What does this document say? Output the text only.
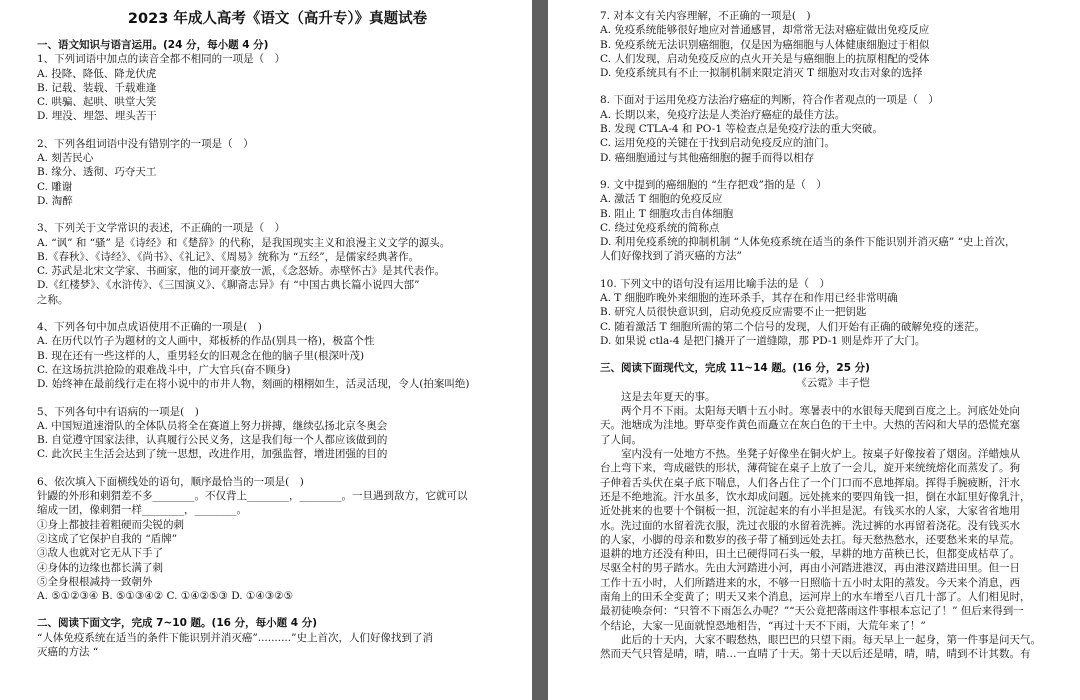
2023 年成人高考《语文（高升专）》真题试卷
一、语文知识与语言运用。(24 分，每小题 4 分)
1、下列词语中加点的读音全都不相同的一项是（　）
A. 投降、降低、降龙伏虎
B. 记载、装载、千载难逢
C. 哄骗、起哄、哄堂大笑
D. 埋没、埋怨、埋头苦干
2、下列各组词语中没有错别字的一项是（　）
A. 刻苦民心
B. 缘分、透彻、巧夺天工
C. 雕谢
D. 淘醉
3、下列关于文学常识的表述，不正确的一项是（　）
A. “讽” 和 “骚” 是《诗经》和《楚辞》的代称，是我国现实主义和浪漫主义文学的源头。
B.《春秋》、《诗经》、《尚书》、《礼记》、《周易》统称为 “五经”，是儒家经典著作。
C. 苏武是北宋文学家、书画家，他的词开豪放一派，《念怒娇。赤壁怀古》是其代表作。
D.《红楼梦》、《水浒传》、《三国演义》、《聊斋志异》有 “中国古典长篇小说四大部”
之称。
4、下列各句中加点成语使用不正确的一项是(　)
A. 在历代以竹子为题材的文人画中，郑板桥的作品(别具一格)，极富个性
B. 现在还有一些这样的人，重男轻女的旧观念在他的脑子里(根深叶茂)
C. 在这场抗洪抢险的艰难战斗中，广大官兵(奋不顾身)
D. 始终神在最前线行走在将小说中的市井人物，刻画的栩栩如生，活灵活现，令人(拍案叫绝)
5、下列各句中有语病的一项是(　)
A. 中国短道速滑队的全体队员将全在赛道上努力拼搏，继续弘扬北京冬奥会
B. 自觉遵守国家法律，认真履行公民义务，这是我们每一个人都应该做到的
C. 此次民主生活会达到了统一思想，改进作用，加强监督，增进团强的目的
6、依次填入下面横线处的语句，顺序最恰当的一项是(　)
针鼹的外形和刺猬差不多________。不仅背上________，________。一旦遇到敌方，它就可以
缩成一团，像刺猬一样________，________。
①身上都披挂着粗硬而尖锐的刺
②这成了它保护自我的 “盾牌”
③敌人也就对它无从下手了
④身体的边缘也都长满了刺
⑤全身根根减持一致朝外
A. ⑤①②③④ B. ⑤①③④② C. ①④②⑤③ D. ①④③②⑤
二、阅读下面文字，完成 7~10 题。(16 分，每小题 4 分)
“人体免疫系统在适当的条件下能识别并消灭癌”..........”史上首次，人们好像找到了消
灭癌的方法 “
7. 对本文有关内容理解，不正确的一项是(　)
A. 免疫系统能够很好地应对普通感冒，却常常无法对癌症做出免疫反应
B. 免疫系统无法识别癌细胞，仅是因为癌细胞与人体健康细胞过于相似
C. 人们发现，启动免疫反应的点火开关是与癌细胞上的抗原相配的受体
D. 免疫系统具有不止一拟制机制来限定消灭 T 细胞对攻击对象的选择
8. 下面对于运用免疫方法治疗癌症的判断，符合作者观点的一项是（　）
A. 长期以来，免疫疗法是人类治疗癌症的最佳方法。
B. 发现 CTLA-4 和 PO-1 等检查点是免疫疗法的重大突破。
C. 运用免疫的关键在于找到启动免疫反应的油门。
D. 癌细胞通过与其他癌细胞的握手而得以相存
9. 文中提到的癌细胞的 “生存把戏”指的是（　）
A. 激活 T 细胞的免疫反应
B. 阻止 T 细胞攻击自体细胞
C. 绕过免疫系统的简称点
D. 利用免疫系统的抑制机制 “人体免疫系统在适当的条件下能识别并消灭癌” “史上首次，
人们好像找到了消灭癌的方法”
10. 下列文中的语句没有运用比喻手法的是（　）
A. T 细胞昨晚外来细胞的连环杀手，其存在和作用已经非常明确
B. 研究人员很快意识到，启动免疫反应需要不止一把钥匙
C. 随着激活 T 细胞所需的第二个信号的发现，人们开始有正确的破解免疫的迷茫。
D. 如果说 ctla-4 是把门撬开了一道缝隙，那 PD-1 则是炸开了大门。
三、阅读下面现代文，完成 11~14 题。(16 分，25 分)
《云霓》丰子恺
这是去年夏天的事。
两个月不下雨。太阳每天晒十五小时。寒暑表中的水银每天爬到百度之上。河底处处向
天。池塘成为洼地。野草变作黄色而矗立在灰白色的干土中。大热的苦闷和大旱的恐慌充塞
了人间。
室内没有一处地方不热。坐凳子好像坐在铜火炉上。按桌子好像按着了烟囱。洋蜡烛从
台上弯下来，弯成磁铁的形状，薄荷锭在桌子上放了一会儿，旋开来统统熔化而蒸发了。狗
子伸着舌头伏在桌子底下喘息，人们各占住了一个门口而不息地挥扇。挥得手腕疲断，汗水
还是不绝地流。汗水虽多，饮水却成问题。远处挑来的要四角钱一担，倒在水缸里好像乳汁，
近处挑来的也要十个铜板一担，沉淀起来的有小半担是泥。有钱买水的人家，大家省省地用
水。洗过面的水留着洗衣服，洗过衣服的水留着洗裤。洗过裤的水再留着浇花。没有钱买水
的人家，小脚的母亲和数岁的孩子带了桶到远处去扛。每天愁热愁水，还要愁米来的早荒。
退耕的地方还没有种田，田土已硬得同石头一般，早耕的地方苗秧已长，但都变成枯草了。
尽驱全村的男子踏水。先由大河踏进小河，再由小河踏进港汊，再由港汊踏进田里。但一日
工作十五小时，人们所踏进来的水，不够一日照临十五小时太阳的蒸发。今天来个消息，西
南角上的田禾全变黄了；明天又来个消息，运河岸上的水车增至八百几十部了。人们相见时，
最初徒唤奈何：“只管不下雨怎么办呢？”“天公竟把落雨这件事根本忘记了！” 但后来得到一
个结论，大家一见面就惶恐地相告，“再过十天不下雨，大荒年来了！”
此后的十天内，大家不暇愁热，眼巴巴的只望下雨。每天早上一起身，第一件事是问天气。
然而天气只管是晴，晴，晴…一直晴了十天。第十天以后还是晴，晴，晴，晴到不计其数。有
